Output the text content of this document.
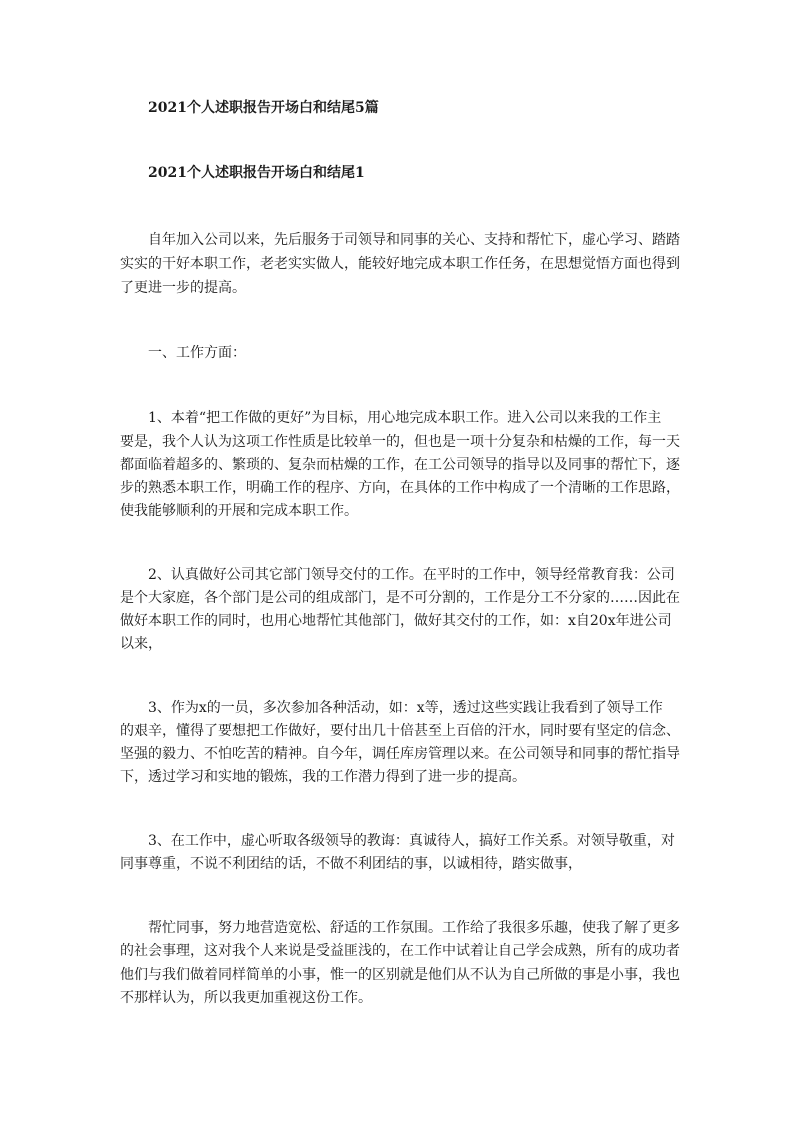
2021个人述职报告开场白和结尾5篇
2021个人述职报告开场白和结尾1
自年加入公司以来，先后服务于司领导和同事的关心、支持和帮忙下，虚心学习、踏踏
实实的干好本职工作，老老实实做人，能较好地完成本职工作任务，在思想觉悟方面也得到
了更进一步的提高。
一、工作方面：
1、本着“把工作做的更好”为目标，用心地完成本职工作。进入公司以来我的工作主
要是，我个人认为这项工作性质是比较单一的，但也是一项十分复杂和枯燥的工作，每一天
都面临着超多的、繁琐的、复杂而枯燥的工作，在工公司领导的指导以及同事的帮忙下，逐
步的熟悉本职工作，明确工作的程序、方向，在具体的工作中构成了一个清晰的工作思路，
使我能够顺利的开展和完成本职工作。
2、认真做好公司其它部门领导交付的工作。在平时的工作中，领导经常教育我：公司
是个大家庭，各个部门是公司的组成部门，是不可分割的，工作是分工不分家的……因此在
做好本职工作的同时，也用心地帮忙其他部门，做好其交付的工作，如：x自20x年进公司
以来，
3、作为x的一员，多次参加各种活动，如：x等，透过这些实践让我看到了领导工作
的艰辛，懂得了要想把工作做好，要付出几十倍甚至上百倍的汗水，同时要有坚定的信念、
坚强的毅力、不怕吃苦的精神。自今年，调任库房管理以来。在公司领导和同事的帮忙指导
下，透过学习和实地的锻炼，我的工作潜力得到了进一步的提高。
3、在工作中，虚心听取各级领导的教诲：真诚待人，搞好工作关系。对领导敬重，对
同事尊重，不说不利团结的话，不做不利团结的事，以诚相待，踏实做事，
帮忙同事，努力地营造宽松、舒适的工作氛围。工作给了我很多乐趣，使我了解了更多
的社会事理，这对我个人来说是受益匪浅的，在工作中试着让自己学会成熟，所有的成功者
他们与我们做着同样简单的小事，惟一的区别就是他们从不认为自己所做的事是小事，我也
不那样认为，所以我更加重视这份工作。
